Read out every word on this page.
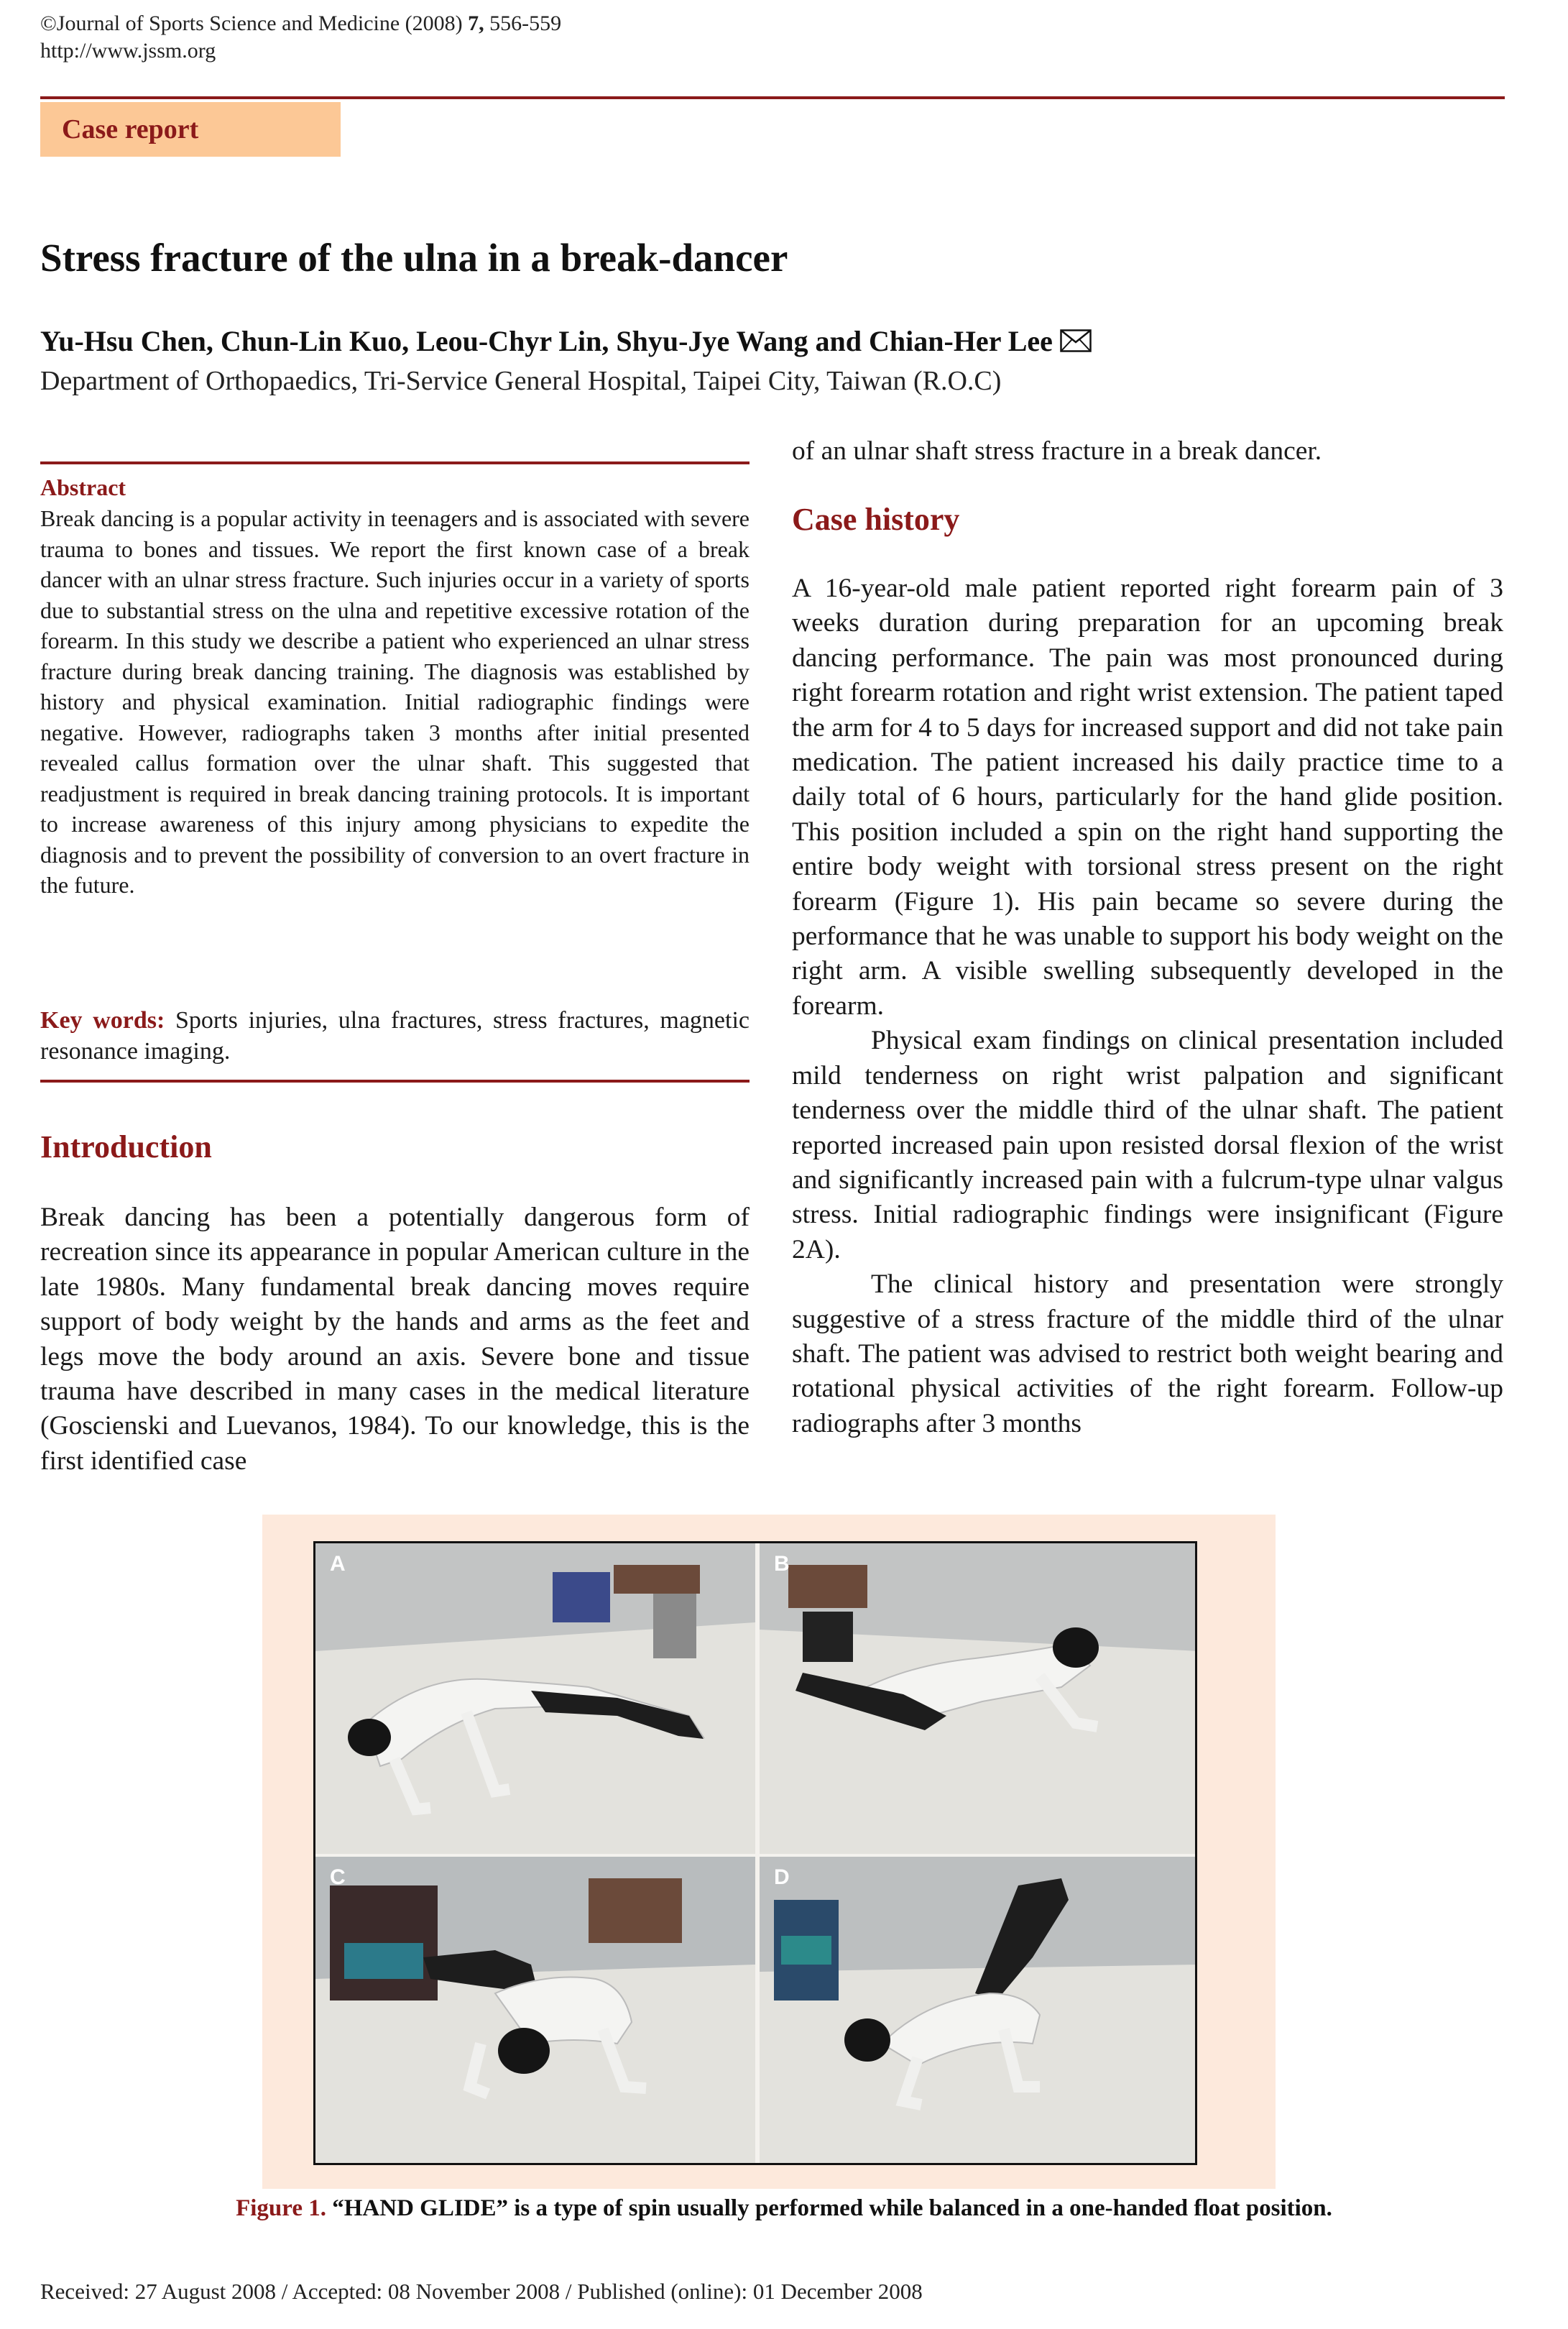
©Journal of Sports Science and Medicine (2008) 7, 556-559
http://www.jssm.org
Case report
Stress fracture of the ulna in a break-dancer
Yu-Hsu Chen, Chun-Lin Kuo, Leou-Chyr Lin, Shyu-Jye Wang and Chian-Her Lee
Department of Orthopaedics, Tri-Service General Hospital, Taipei City, Taiwan (R.O.C)
Abstract
Break dancing is a popular activity in teenagers and is associated with severe trauma to bones and tissues. We report the first known case of a break dancer with an ulnar stress fracture. Such injuries occur in a variety of sports due to substantial stress on the ulna and repetitive excessive rotation of the forearm. In this study we describe a patient who experienced an ulnar stress fracture during break dancing training. The diagnosis was established by history and physical examination. Initial radiographic findings were negative. However, radiographs taken 3 months after initial presented revealed callus formation over the ulnar shaft. This suggested that readjustment is required in break dancing training protocols. It is important to increase awareness of this injury among physicians to expedite the diagnosis and to prevent the possibility of conversion to an overt fracture in the future.
Key words: Sports injuries, ulna fractures, stress fractures, magnetic resonance imaging.
Introduction

Break dancing has been a potentially dangerous form of recreation since its appearance in popular American culture in the late 1980s. Many fundamental break dancing moves require support of body weight by the hands and arms as the feet and legs move the body around an axis. Severe bone and tissue trauma have described in many cases in the medical literature (Goscienski and Luevanos, 1984). To our knowledge, this is the first identified case

of an ulnar shaft stress fracture in a break dancer.

Case history

A 16-year-old male patient reported right forearm pain of 3 weeks duration during preparation for an upcoming break dancing performance. The pain was most pronounced during right forearm rotation and right wrist extension. The patient taped the arm for 4 to 5 days for increased support and did not take pain medication. The patient increased his daily practice time to a daily total of 6 hours, particularly for the hand glide position. This position included a spin on the right hand supporting the entire body weight with torsional stress present on the right forearm (Figure 1). His pain became so severe during the performance that he was unable to support his body weight on the right arm. A visible swelling subsequently developed in the forearm.

Physical exam findings on clinical presentation included mild tenderness on right wrist palpation and significant tenderness over the middle third of the ulnar shaft. The patient reported increased pain upon resisted dorsal flexion of the wrist and significantly increased pain with a fulcrum-type ulnar valgus stress. Initial radiographic findings were insignificant (Figure 2A).

The clinical history and presentation were strongly suggestive of a stress fracture of the middle third of the ulnar shaft. The patient was advised to restrict both weight bearing and rotational physical activities of the right forearm. Follow-up radiographs after 3 months

A	B
C	D
Figure 1. “HAND GLIDE” is a type of spin usually performed while balanced in a one-handed float position.
Received: 27 August 2008 / Accepted: 08 November 2008 / Published (online): 01 December 2008
